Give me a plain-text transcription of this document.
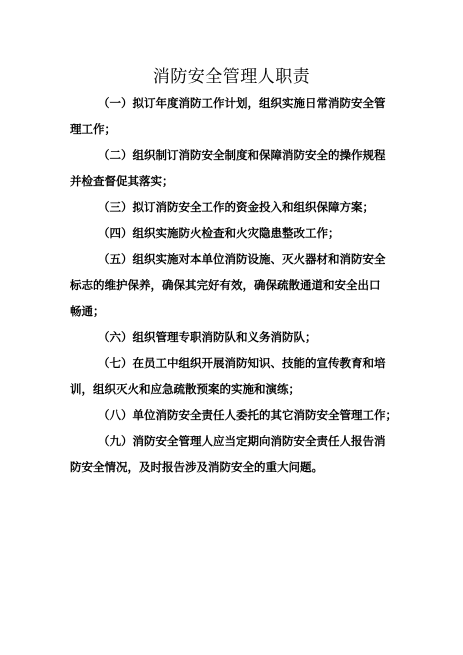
消防安全管理人职责
（一）拟订年度消防工作计划，组织实施日常消防安全管
理工作；
（二）组织制订消防安全制度和保障消防安全的操作规程
并检查督促其落实；
（三）拟订消防安全工作的资金投入和组织保障方案；
（四）组织实施防火检查和火灾隐患整改工作；
（五）组织实施对本单位消防设施、灭火器材和消防安全
标志的维护保养，确保其完好有效，确保疏散通道和安全出口
畅通；
（六）组织管理专职消防队和义务消防队；
（七）在员工中组织开展消防知识、技能的宣传教育和培
训，组织灭火和应急疏散预案的实施和演练；
（八）单位消防安全责任人委托的其它消防安全管理工作；
（九）消防安全管理人应当定期向消防安全责任人报告消
防安全情况，及时报告涉及消防安全的重大问题。
